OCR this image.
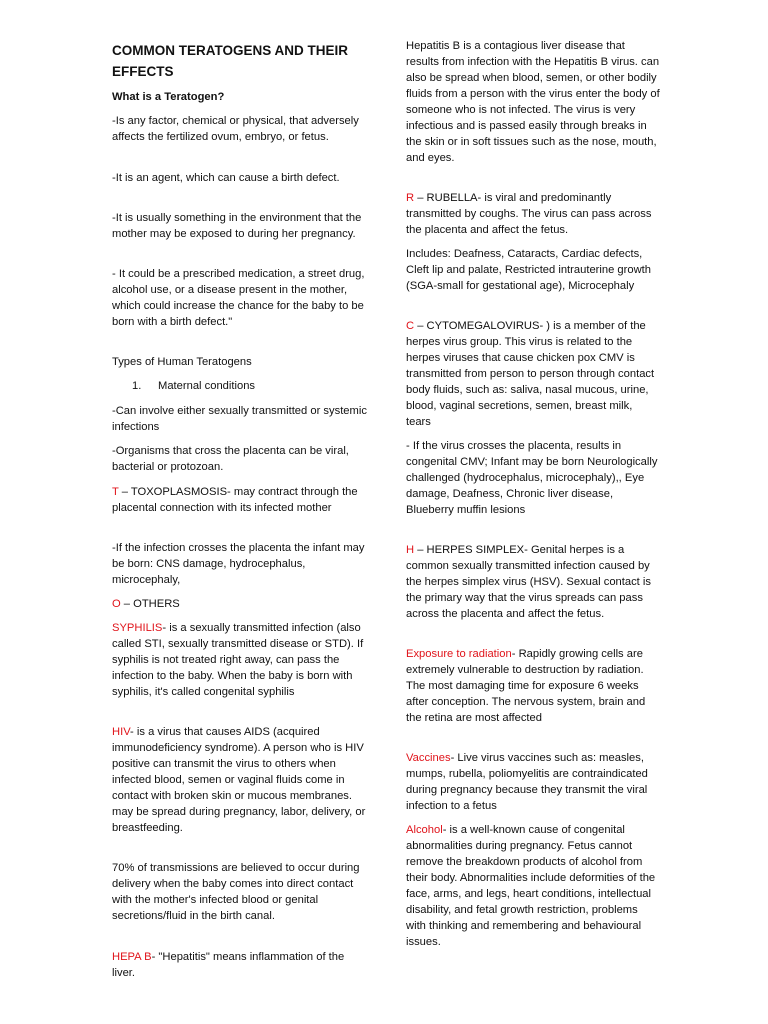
COMMON TERATOGENS AND THEIR EFFECTS

What is a Teratogen?

-Is any factor, chemical or physical, that adversely affects the fertilized ovum, embryo, or fetus.

-It is an agent, which can cause a birth defect.

-It is usually something in the environment that the mother may be exposed to during her pregnancy.

- It could be a prescribed medication, a street drug, alcohol use, or a disease present in the mother, which could increase the chance for the baby to be born with a birth defect."

Types of Human Teratogens

1. Maternal conditions

-Can involve either sexually transmitted or systemic infections

-Organisms that cross the placenta can be viral, bacterial or protozoan.

T – TOXOPLASMOSIS- may contract through the placental connection with its infected mother

-If the infection crosses the placenta the infant may be born: CNS damage, hydrocephalus, microcephaly,

O – OTHERS

SYPHILIS- is a sexually transmitted infection (also called STI, sexually transmitted disease or STD). If syphilis is not treated right away, can pass the infection to the baby. When the baby is born with syphilis, it's called congenital syphilis

HIV- is a virus that causes AIDS (acquired immunodeficiency syndrome). A person who is HIV positive can transmit the virus to others when infected blood, semen or vaginal fluids come in contact with broken skin or mucous membranes. may be spread during pregnancy, labor, delivery, or breastfeeding.

70% of transmissions are believed to occur during delivery when the baby comes into direct contact with the mother's infected blood or genital secretions/fluid in the birth canal.

HEPA B- "Hepatitis" means inflammation of the liver.

Hepatitis B is a contagious liver disease that results from infection with the Hepatitis B virus. can also be spread when blood, semen, or other bodily fluids from a person with the virus enter the body of someone who is not infected. The virus is very infectious and is passed easily through breaks in the skin or in soft tissues such as the nose, mouth, and eyes.

R – RUBELLA- is viral and predominantly transmitted by coughs. The virus can pass across the placenta and affect the fetus.

Includes: Deafness, Cataracts, Cardiac defects, Cleft lip and palate, Restricted intrauterine growth (SGA-small for gestational age), Microcephaly

C – CYTOMEGALOVIRUS- ) is a member of the herpes virus group. This virus is related to the herpes viruses that cause chicken pox CMV is transmitted from person to person through contact body fluids, such as: saliva, nasal mucous, urine, blood, vaginal secretions, semen, breast milk, tears

- If the virus crosses the placenta, results in congenital CMV; Infant may be born Neurologically challenged (hydrocephalus, microcephaly),, Eye damage, Deafness, Chronic liver disease, Blueberry muffin lesions

H – HERPES SIMPLEX- Genital herpes is a common sexually transmitted infection caused by the herpes simplex virus (HSV). Sexual contact is the primary way that the virus spreads can pass across the placenta and affect the fetus.

Exposure to radiation- Rapidly growing cells are extremely vulnerable to destruction by radiation. The most damaging time for exposure 6 weeks after conception. The nervous system, brain and the retina are most affected

Vaccines- Live virus vaccines such as: measles, mumps, rubella, poliomyelitis are contraindicated during pregnancy because they transmit the viral infection to a fetus

Alcohol- is a well-known cause of congenital abnormalities during pregnancy. Fetus cannot remove the breakdown products of alcohol from their body. Abnormalities include deformities of the face, arms, and legs, heart conditions, intellectual disability, and fetal growth restriction, problems with thinking and remembering and behavioural issues.
